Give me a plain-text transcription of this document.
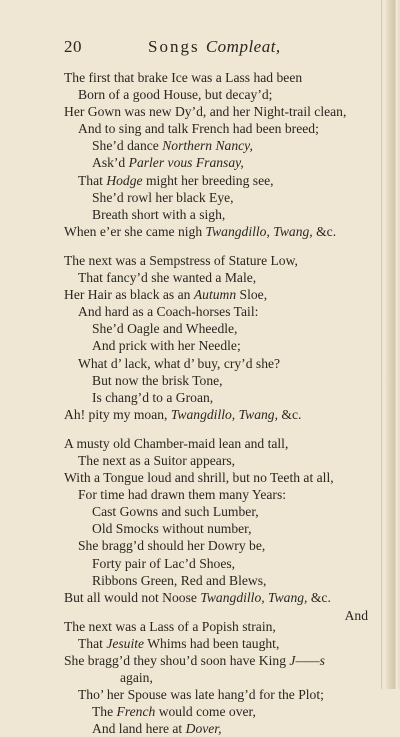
20	Songs Compleat,
The first that brake Ice was a Lass had been
Born of a good House, but decay’d;
Her Gown was new Dy’d, and her Night-trail clean,
And to sing and talk French had been breed;
She’d dance Northern Nancy,
Ask’d Parler vous Fransay,
That Hodge might her breeding see,
She’d rowl her black Eye,
Breath short with a sigh,
When e’er she came nigh Twangdillo, Twang, &c.
The next was a Sempstress of Stature Low,
That fancy’d she wanted a Male,
Her Hair as black as an Autumn Sloe,
And hard as a Coach-horses Tail:
She’d Oagle and Wheedle,
And prick with her Needle;
What d’ lack, what d’ buy, cry’d she?
But now the brisk Tone,
Is chang’d to a Groan,
Ah! pity my moan, Twangdillo, Twang, &c.
A musty old Chamber-maid lean and tall,
The next as a Suitor appears,
With a Tongue loud and shrill, but no Teeth at all,
For time had drawn them many Years:
Cast Gowns and such Lumber,
Old Smocks without number,
She bragg’d should her Dowry be,
Forty pair of Lac’d Shoes,
Ribbons Green, Red and Blews,
But all would not Noose Twangdillo, Twang, &c.
The next was a Lass of a Popish strain,
That Jesuite Whims had been taught,
She bragg’d they shou’d soon have King J——s
again,
Tho’ her Spouse was late hang’d for the Plot;
The French would come over,
And land here at Dover,
And
